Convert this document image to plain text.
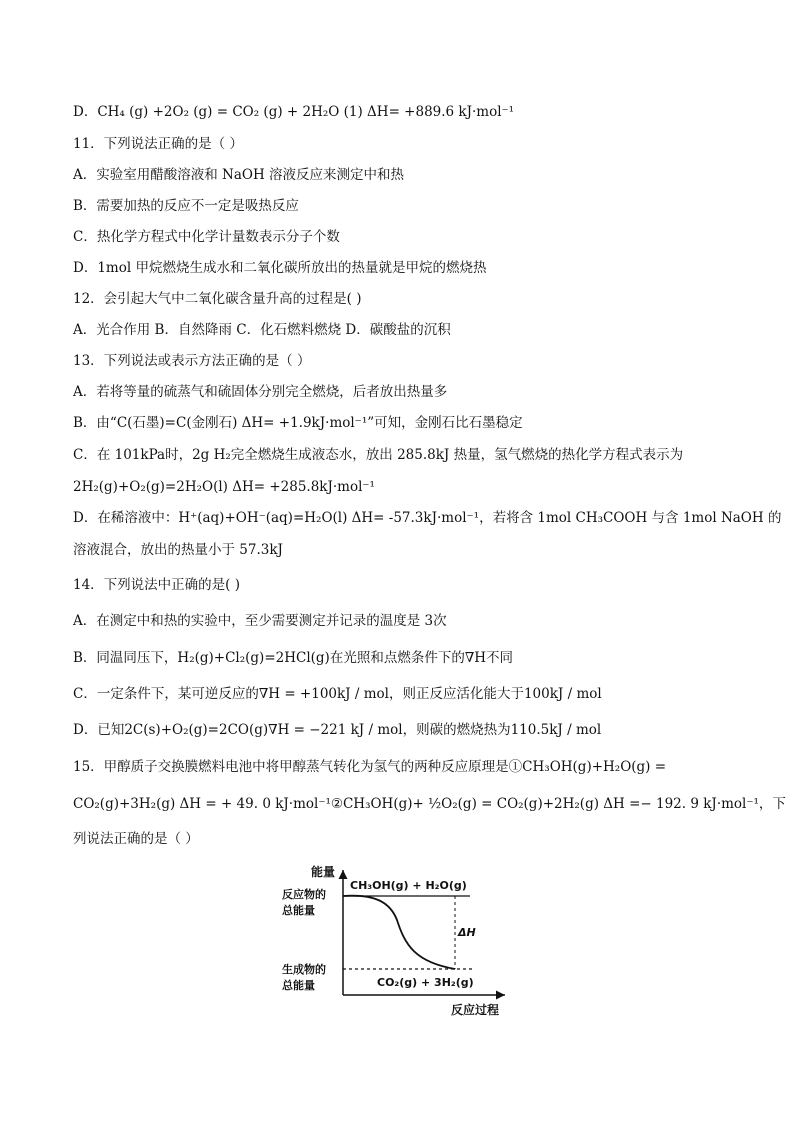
D．CH₄ (g) +2O₂ (g) = CO₂ (g) + 2H₂O (1) ΔH= +889.6 kJ·mol⁻¹
11．下列说法正确的是（ ）
A．实验室用醋酸溶液和 NaOH 溶液反应来测定中和热
B．需要加热的反应不一定是吸热反应
C．热化学方程式中化学计量数表示分子个数
D．1mol 甲烷燃烧生成水和二氧化碳所放出的热量就是甲烷的燃烧热
12．会引起大气中二氧化碳含量升高的过程是( )
A．光合作用 B．自然降雨 C．化石燃料燃烧 D．碳酸盐的沉积
13．下列说法或表示方法正确的是（ ）
A．若将等量的硫蒸气和硫固体分别完全燃烧，后者放出热量多
B．由“C(石墨)=C(金刚石) ΔH= +1.9kJ·mol⁻¹”可知，金刚石比石墨稳定
C．在 101kPa时，2g H₂完全燃烧生成液态水，放出 285.8kJ 热量，氢气燃烧的热化学方程式表示为
2H₂(g)+O₂(g)=2H₂O(l) ΔH= +285.8kJ·mol⁻¹
D．在稀溶液中：H⁺(aq)+OH⁻(aq)=H₂O(l) ΔH= -57.3kJ·mol⁻¹，若将含 1mol CH₃COOH 与含 1mol NaOH 的
溶液混合，放出的热量小于 57.3kJ
14．下列说法中正确的是( )
A．在测定中和热的实验中，至少需要测定并记录的温度是 3次
B．同温同压下，H₂(g)+Cl₂(g)=2HCl(g)在光照和点燃条件下的∇H不同
C．一定条件下，某可逆反应的∇H = +100kJ / mol，则正反应活化能大于100kJ / mol
D．已知2C(s)+O₂(g)=2CO(g)∇H = −221 kJ / mol，则碳的燃烧热为110.5kJ / mol
15．甲醇质子交换膜燃料电池中将甲醇蒸气转化为氢气的两种反应原理是①CH₃OH(g)+H₂O(g) =
CO₂(g)+3H₂(g) ΔH = + 49. 0 kJ·mol⁻¹②CH₃OH(g)+ ½O₂(g) = CO₂(g)+2H₂(g) ΔH =− 192. 9 kJ·mol⁻¹，下
列说法正确的是（ ）
能量
反应过程
ΔH
反应物的
总能量
生成物的
总能量
CH₃OH(g) + H₂O(g)
CO₂(g) + 3H₂(g)
